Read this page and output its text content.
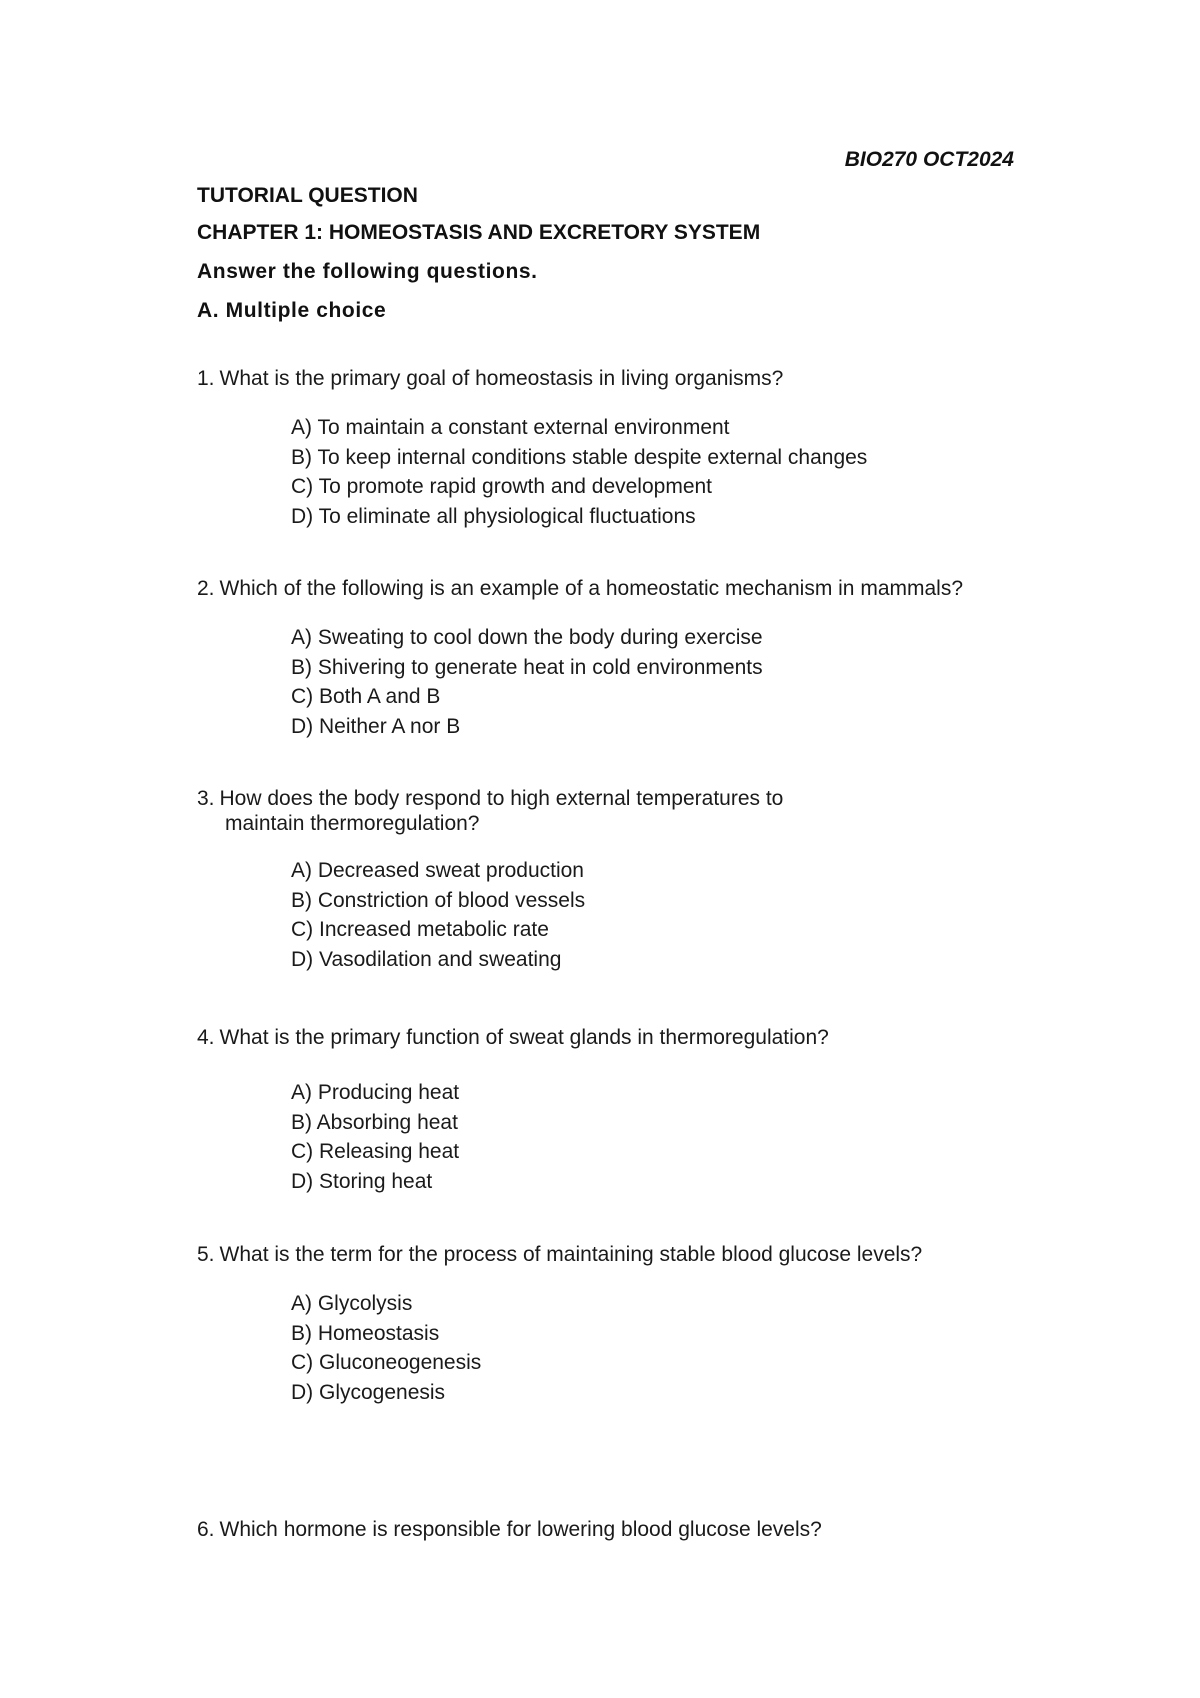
BIO270 OCT2024
TUTORIAL QUESTION
CHAPTER 1: HOMEOSTASIS AND EXCRETORY SYSTEM
Answer the following questions.
A. Multiple choice

1. What is the primary goal of homeostasis in living organisms?

A) To maintain a constant external environment
B) To keep internal conditions stable despite external changes
C) To promote rapid growth and development
D) To eliminate all physiological fluctuations

2. Which of the following is an example of a homeostatic mechanism in mammals?

A) Sweating to cool down the body during exercise
B) Shivering to generate heat in cold environments
C) Both A and B
D) Neither A nor B

3. How does the body respond to high external temperatures to
maintain thermoregulation?

A) Decreased sweat production
B) Constriction of blood vessels
C) Increased metabolic rate
D) Vasodilation and sweating

4. What is the primary function of sweat glands in thermoregulation?

A) Producing heat
B) Absorbing heat
C) Releasing heat
D) Storing heat

5. What is the term for the process of maintaining stable blood glucose levels?

A) Glycolysis
B) Homeostasis
C) Gluconeogenesis
D) Glycogenesis

6. Which hormone is responsible for lowering blood glucose levels?
